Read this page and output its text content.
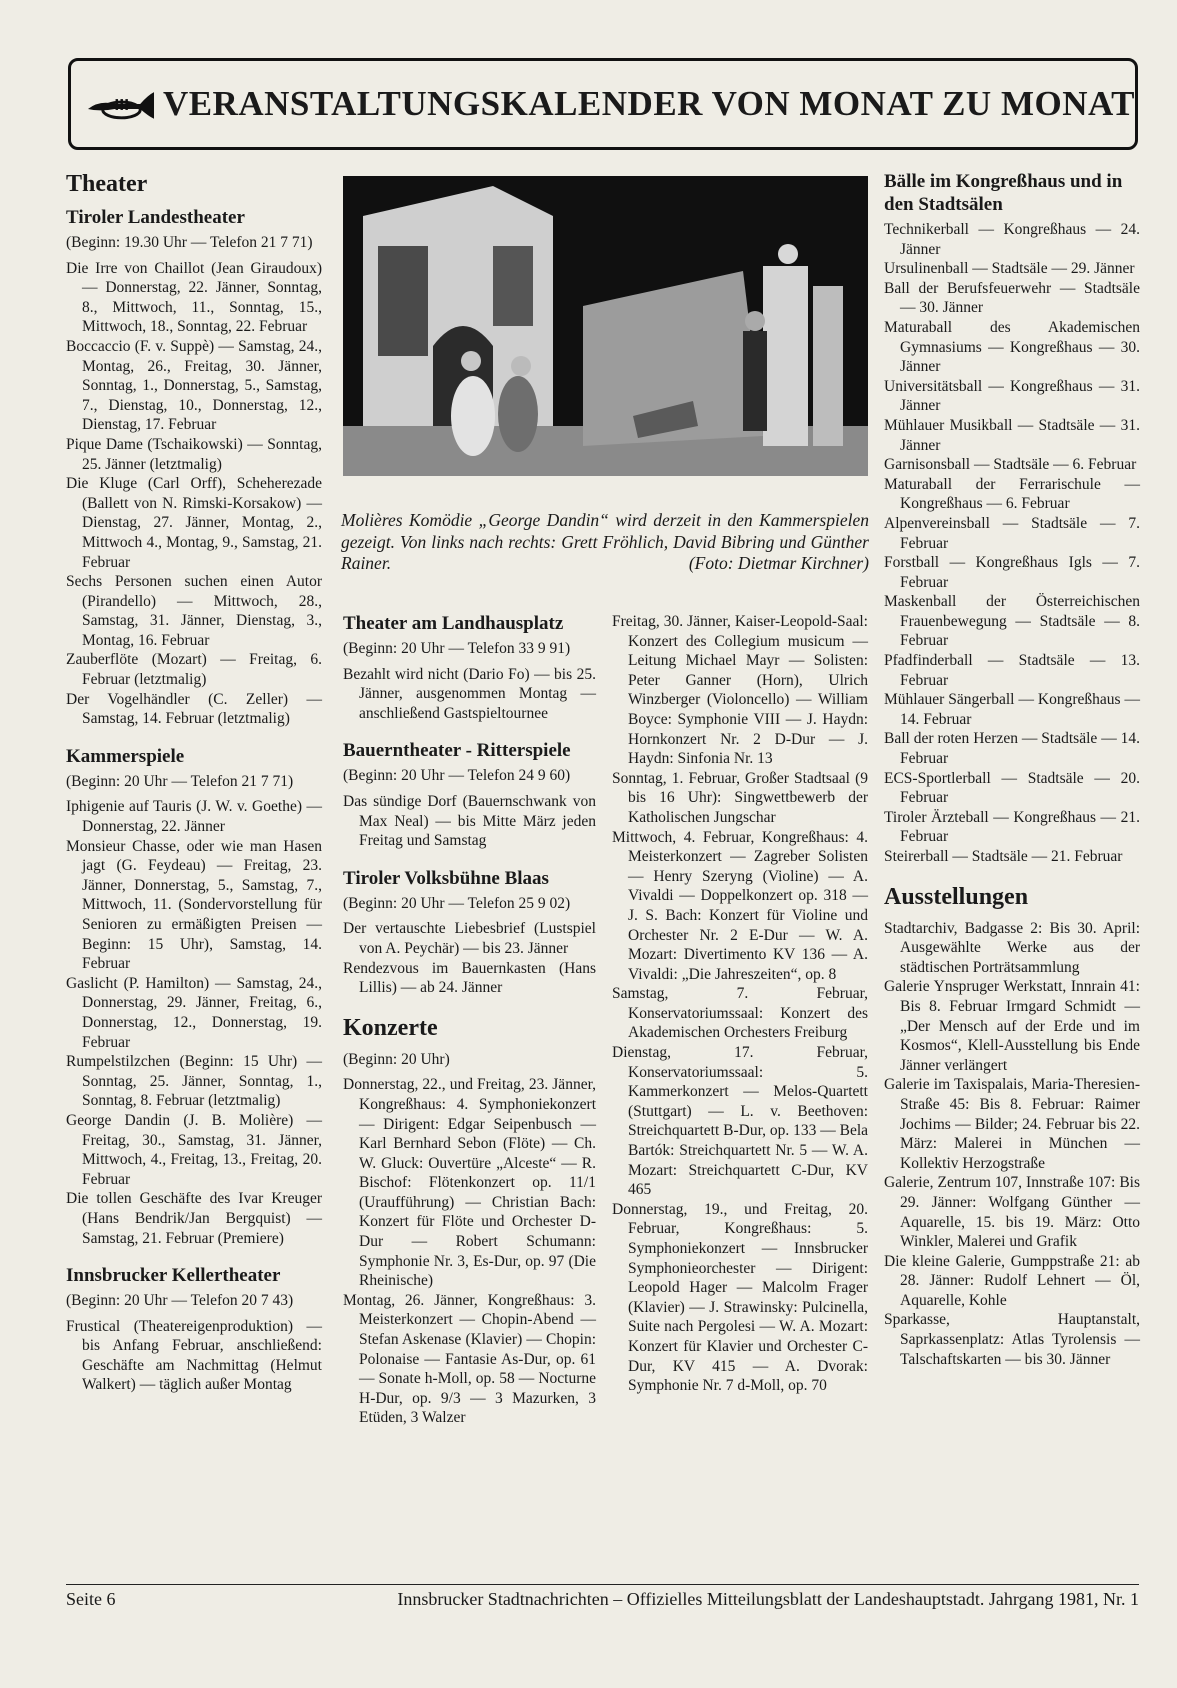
VERANSTALTUNGSKALENDER VON MONAT ZU MONAT
Theater
Tiroler Landestheater

(Beginn: 19.30 Uhr — Telefon 21 7 71)

Die Irre von Chaillot (Jean Giraudoux) — Donnerstag, 22. Jänner, Sonntag, 8., Mittwoch, 11., Sonntag, 15., Mittwoch, 18., Sonntag, 22. Februar

Boccaccio (F. v. Suppè) — Samstag, 24., Montag, 26., Freitag, 30. Jänner, Sonntag, 1., Donnerstag, 5., Samstag, 7., Dienstag, 10., Donnerstag, 12., Dienstag, 17. Februar

Pique Dame (Tschaikowski) — Sonntag, 25. Jänner (letztmalig)

Die Kluge (Carl Orff), Scheherezade (Ballett von N. Rimski-Korsakow) — Dienstag, 27. Jänner, Montag, 2., Mittwoch 4., Montag, 9., Samstag, 21. Februar

Sechs Personen suchen einen Autor (Pirandello) — Mittwoch, 28., Samstag, 31. Jänner, Dienstag, 3., Montag, 16. Februar

Zauberflöte (Mozart) — Freitag, 6. Februar (letztmalig)

Der Vogelhändler (C. Zeller) — Samstag, 14. Februar (letztmalig)

Kammerspiele

(Beginn: 20 Uhr — Telefon 21 7 71)

Iphigenie auf Tauris (J. W. v. Goethe) — Donnerstag, 22. Jänner

Monsieur Chasse, oder wie man Hasen jagt (G. Feydeau) — Freitag, 23. Jänner, Donnerstag, 5., Samstag, 7., Mittwoch, 11. (Sondervorstellung für Senioren zu ermäßigten Preisen — Beginn: 15 Uhr), Samstag, 14. Februar

Gaslicht (P. Hamilton) — Samstag, 24., Donnerstag, 29. Jänner, Freitag, 6., Donnerstag, 12., Donnerstag, 19. Februar

Rumpelstilzchen (Beginn: 15 Uhr) — Sonntag, 25. Jänner, Sonntag, 1., Sonntag, 8. Februar (letztmalig)

George Dandin (J. B. Molière) — Freitag, 30., Samstag, 31. Jänner, Mittwoch, 4., Freitag, 13., Freitag, 20. Februar

Die tollen Geschäfte des Ivar Kreuger (Hans Bendrik/Jan Bergquist) — Samstag, 21. Februar (Premiere)

Innsbrucker Kellertheater

(Beginn: 20 Uhr — Telefon 20 7 43)

Frustical (Theatereigenproduktion) — bis Anfang Februar, anschließend: Geschäfte am Nachmittag (Helmut Walkert) — täglich außer Montag

Molières Komödie „George Dandin“ wird derzeit in den Kammerspielen gezeigt. Von links nach rechts: Grett Fröhlich, David Bibring und Günther Rainer.	(Foto: Dietmar Kirchner)
Theater am Landhausplatz

(Beginn: 20 Uhr — Telefon 33 9 91)

Bezahlt wird nicht (Dario Fo) — bis 25. Jänner, ausgenommen Montag — anschließend Gastspieltournee

Bauerntheater - Ritterspiele

(Beginn: 20 Uhr — Telefon 24 9 60)

Das sündige Dorf (Bauernschwank von Max Neal) — bis Mitte März jeden Freitag und Samstag

Tiroler Volksbühne Blaas

(Beginn: 20 Uhr — Telefon 25 9 02)

Der vertauschte Liebesbrief (Lustspiel von A. Peychär) — bis 23. Jänner

Rendezvous im Bauernkasten (Hans Lillis) — ab 24. Jänner

Konzerte

(Beginn: 20 Uhr)

Donnerstag, 22., und Freitag, 23. Jänner, Kongreßhaus: 4. Symphoniekonzert — Dirigent: Edgar Seipenbusch — Karl Bernhard Sebon (Flöte) — Ch. W. Gluck: Ouvertüre „Alceste“ — R. Bischof: Flötenkonzert op. 11/1 (Uraufführung) — Christian Bach: Konzert für Flöte und Orchester D-Dur — Robert Schumann: Symphonie Nr. 3, Es-Dur, op. 97 (Die Rheinische)

Montag, 26. Jänner, Kongreßhaus: 3. Meisterkonzert — Chopin-Abend — Stefan Askenase (Klavier) — Chopin: Polonaise — Fantasie As-Dur, op. 61 — Sonate h-Moll, op. 58 — Nocturne H-Dur, op. 9/3 — 3 Mazurken, 3 Etüden, 3 Walzer

Freitag, 30. Jänner, Kaiser-Leopold-Saal: Konzert des Collegium musicum — Leitung Michael Mayr — Solisten: Peter Ganner (Horn), Ulrich Winzberger (Violoncello) — William Boyce: Symphonie VIII — J. Haydn: Hornkonzert Nr. 2 D-Dur — J. Haydn: Sinfonia Nr. 13

Sonntag, 1. Februar, Großer Stadtsaal (9 bis 16 Uhr): Singwettbewerb der Katholischen Jungschar

Mittwoch, 4. Februar, Kongreßhaus: 4. Meisterkonzert — Zagreber Solisten — Henry Szeryng (Violine) — A. Vivaldi — Doppelkonzert op. 318 — J. S. Bach: Konzert für Violine und Orchester Nr. 2 E-Dur — W. A. Mozart: Divertimento KV 136 — A. Vivaldi: „Die Jahreszeiten“, op. 8

Samstag, 7. Februar, Konservatoriumssaal: Konzert des Akademischen Orchesters Freiburg

Dienstag, 17. Februar, Konservatoriumssaal: 5. Kammerkonzert — Melos-Quartett (Stuttgart) — L. v. Beethoven: Streichquartett B-Dur, op. 133 — Bela Bartók: Streichquartett Nr. 5 — W. A. Mozart: Streichquartett C-Dur, KV 465

Donnerstag, 19., und Freitag, 20. Februar, Kongreßhaus: 5. Symphoniekonzert — Innsbrucker Symphonieorchester — Dirigent: Leopold Hager — Malcolm Frager (Klavier) — J. Strawinsky: Pulcinella, Suite nach Pergolesi — W. A. Mozart: Konzert für Klavier und Orchester C-Dur, KV 415 — A. Dvorak: Symphonie Nr. 7 d-Moll, op. 70

Bälle im Kongreßhaus und in den Stadtsälen

Technikerball — Kongreßhaus — 24. Jänner

Ursulinenball — Stadtsäle — 29. Jänner

Ball der Berufsfeuerwehr — Stadtsäle — 30. Jänner

Maturaball des Akademischen Gymnasiums — Kongreßhaus — 30. Jänner

Universitätsball — Kongreßhaus — 31. Jänner

Mühlauer Musikball — Stadtsäle — 31. Jänner

Garnisonsball — Stadtsäle — 6. Februar

Maturaball der Ferrarischule — Kongreßhaus — 6. Februar

Alpenvereinsball — Stadtsäle — 7. Februar

Forstball — Kongreßhaus Igls — 7. Februar

Maskenball der Österreichischen Frauenbewegung — Stadtsäle — 8. Februar

Pfadfinderball — Stadtsäle — 13. Februar

Mühlauer Sängerball — Kongreßhaus — 14. Februar

Ball der roten Herzen — Stadtsäle — 14. Februar

ECS-Sportlerball — Stadtsäle — 20. Februar

Tiroler Ärzteball — Kongreßhaus — 21. Februar

Steirerball — Stadtsäle — 21. Februar

Ausstellungen

Stadtarchiv, Badgasse 2: Bis 30. April: Ausgewählte Werke aus der städtischen Porträtsammlung

Galerie Ynspruger Werkstatt, Innrain 41: Bis 8. Februar Irmgard Schmidt — „Der Mensch auf der Erde und im Kosmos“, Klell-Ausstellung bis Ende Jänner verlängert

Galerie im Taxispalais, Maria-Theresien-Straße 45: Bis 8. Februar: Raimer Jochims — Bilder; 24. Februar bis 22. März: Malerei in München — Kollektiv Herzogstraße

Galerie, Zentrum 107, Innstraße 107: Bis 29. Jänner: Wolfgang Günther — Aquarelle, 15. bis 19. März: Otto Winkler, Malerei und Grafik

Die kleine Galerie, Gumppstraße 21: ab 28. Jänner: Rudolf Lehnert — Öl, Aquarelle, Kohle

Sparkasse, Hauptanstalt, Saprkassenplatz: Atlas Tyrolensis — Talschaftskarten — bis 30. Jänner

Seite 6	Innsbrucker Stadtnachrichten – Offizielles Mitteilungsblatt der Landeshauptstadt. Jahrgang 1981, Nr. 1
